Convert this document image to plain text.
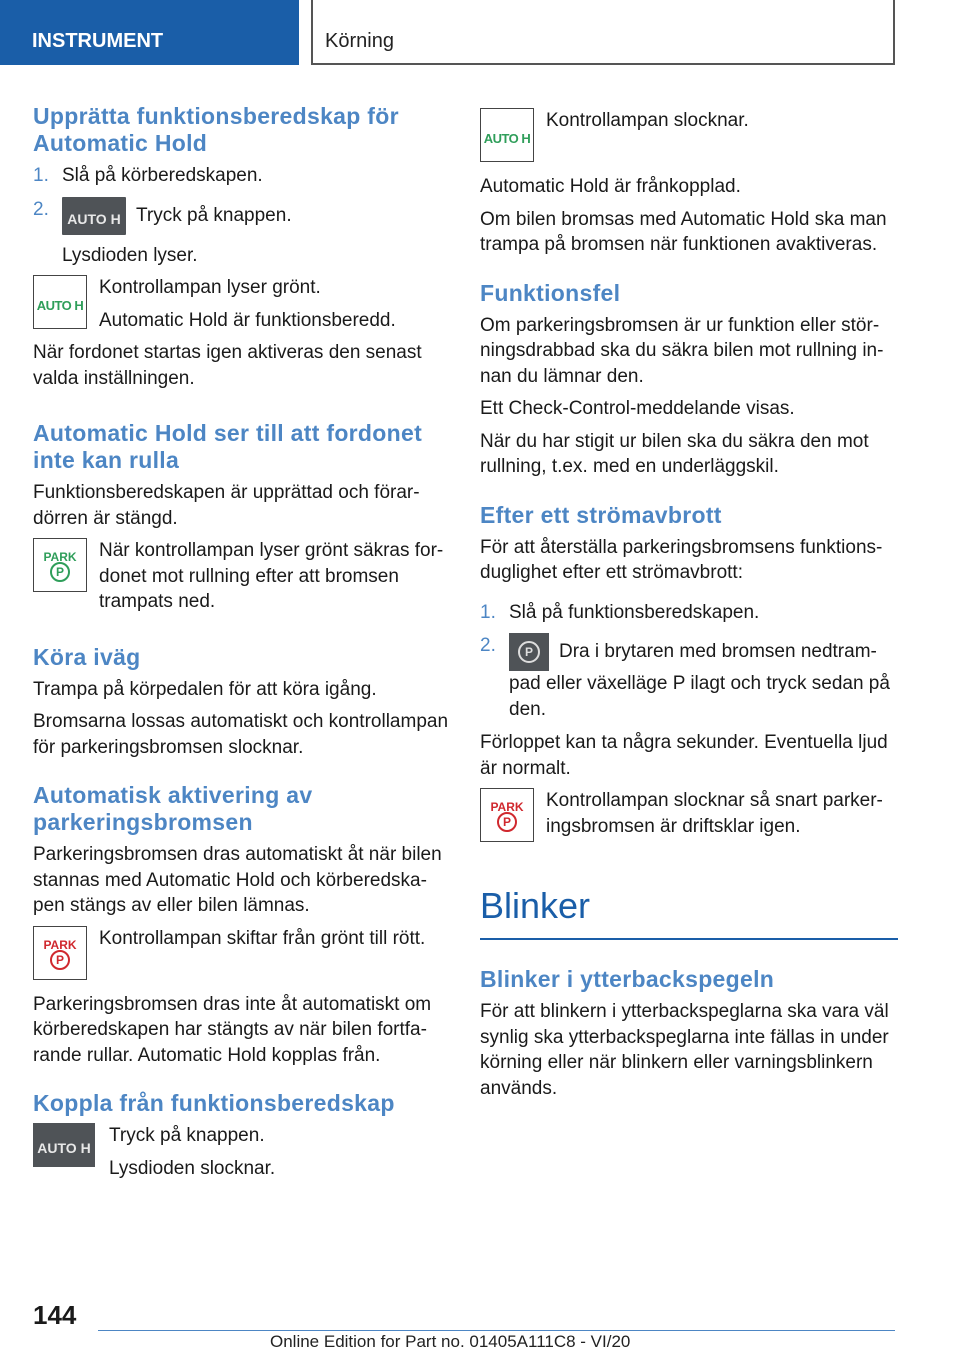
INSTRUMENT	Körning
Upprätta funktionsberedskap för Automatic Hold
1. Slå på körberedskapen.
2.	AUTO H Tryck på knappen.

Lysdioden lyser.

AUTO H

Kontrollampan lyser grönt.

Automatic Hold är funktionsberedd.

När fordonet startas igen aktiveras den senast valda inställningen.

Automatic Hold ser till att fordonet inte kan rulla

Funktionsberedskapen är upprättad och förardörren är stängd.

PARK
P

När kontrollampan lyser grönt säkras fordonet mot rullning efter att bromsen trampats ned.

Köra iväg

Trampa på körpedalen för att köra igång.

Bromsarna lossas automatiskt och kontrollampan för parkeringsbromsen slocknar.

Automatisk aktivering av parkeringsbromsen

Parkeringsbromsen dras automatiskt åt när bilen stannas med Automatic Hold och körberedskapen stängs av eller bilen lämnas.

PARK
P

Kontrollampan skiftar från grönt till rött.

Parkeringsbromsen dras inte åt automatiskt om körberedskapen har stängts av när bilen fortfarande rullar. Automatic Hold kopplas från.

Koppla från funktionsberedskap
AUTO H

Tryck på knappen.

Lysdioden slocknar.

AUTO H

Kontrollampan slocknar.

Automatic Hold är frånkopplad.

Om bilen bromsas med Automatic Hold ska man trampa på bromsen när funktionen avaktiveras.

Funktionsfel

Om parkeringsbromsen är ur funktion eller störningsdrabbad ska du säkra bilen mot rullning innan du lämnar den.

Ett Check-Control-meddelande visas.

När du har stigit ur bilen ska du säkra den mot rullning, t.ex. med en underläggskil.

Efter ett strömavbrott

För att återställa parkeringsbromsens funktionsduglighet efter ett strömavbrott:

1. Slå på funktionsberedskapen.
2.	P	Dra i brytaren med bromsen nedtrampad eller växelläge P ilagt och tryck sedan på den.

Förloppet kan ta några sekunder. Eventuella ljud är normalt.

PARK
P

Kontrollampan slocknar så snart parkeringsbromsen är driftsklar igen.

Blinker
Blinker i ytterbackspegeln

För att blinkern i ytterbackspeglarna ska vara väl synlig ska ytterbackspeglarna inte fällas in under körning eller när blinkern eller varningsblinkern används.

144
Online Edition for Part no. 01405A111C8 - VI/20
